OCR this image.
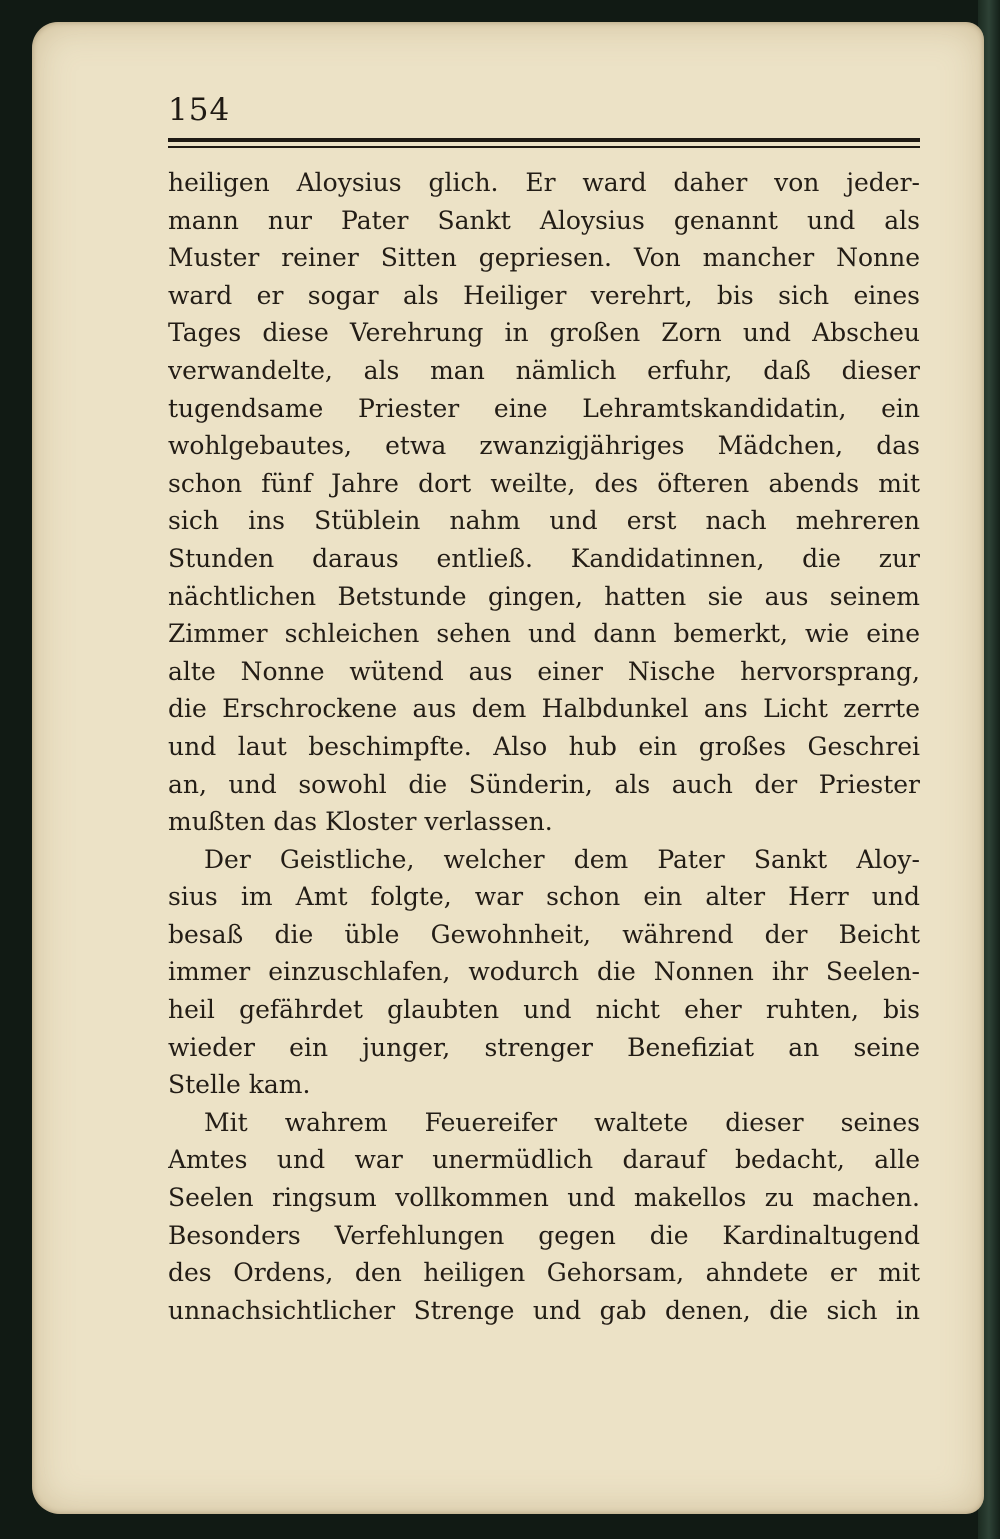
154
heiligen Aloysius glich. Er ward daher von jeder-
mann nur Pater Sankt Aloysius genannt und als
Muster reiner Sitten gepriesen. Von mancher Nonne
ward er sogar als Heiliger verehrt, bis sich eines
Tages diese Verehrung in großen Zorn und Abscheu
verwandelte, als man nämlich erfuhr, daß dieser
tugendsame Priester eine Lehramtskandidatin, ein
wohlgebautes, etwa zwanzigjähriges Mädchen, das
schon fünf Jahre dort weilte, des öfteren abends mit
sich ins Stüblein nahm und erst nach mehreren
Stunden daraus entließ. Kandidatinnen, die zur
nächtlichen Betstunde gingen, hatten sie aus seinem
Zimmer schleichen sehen und dann bemerkt, wie eine
alte Nonne wütend aus einer Nische hervorsprang,
die Erschrockene aus dem Halbdunkel ans Licht zerrte
und laut beschimpfte. Also hub ein großes Geschrei
an, und sowohl die Sünderin, als auch der Priester
mußten das Kloster verlassen.
Der Geistliche, welcher dem Pater Sankt Aloy-
sius im Amt folgte, war schon ein alter Herr und
besaß die üble Gewohnheit, während der Beicht
immer einzuschlafen, wodurch die Nonnen ihr Seelen-
heil gefährdet glaubten und nicht eher ruhten, bis
wieder ein junger, strenger Benefiziat an seine
Stelle kam.
Mit wahrem Feuereifer waltete dieser seines
Amtes und war unermüdlich darauf bedacht, alle
Seelen ringsum vollkommen und makellos zu machen.
Besonders Verfehlungen gegen die Kardinaltugend
des Ordens, den heiligen Gehorsam, ahndete er mit
unnachsichtlicher Strenge und gab denen, die sich in
